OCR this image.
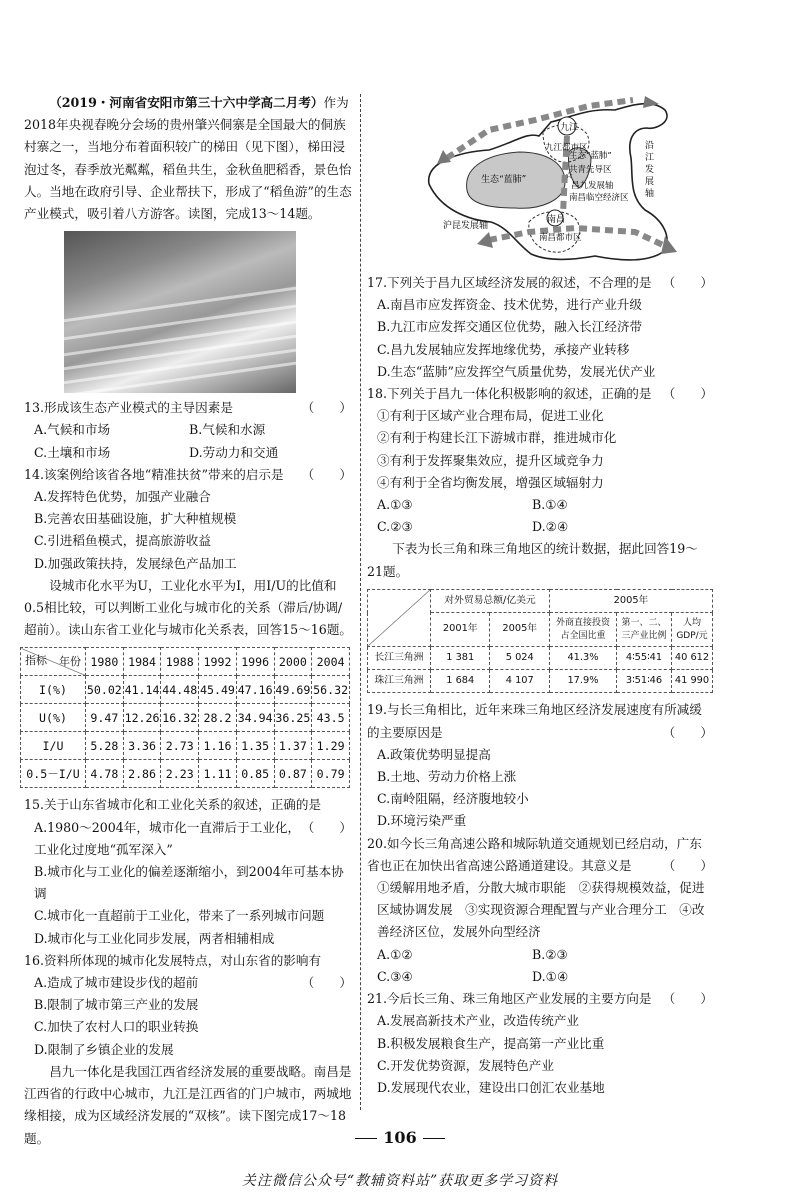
（2019・河南省安阳市第三十六中学高二月考）作为2018年央视春晚分会场的贵州肇兴侗寨是全国最大的侗族村寨之一，当地分布着面积较广的梯田（见下图），梯田浸泡过冬，春季放光粼粼，稻鱼共生，金秋鱼肥稻香，景色怡人。当地在政府引导、企业帮扶下，形成了“稻鱼游”的生态产业模式，吸引着八方游客。读图，完成13～14题。

13.形成该生态产业模式的主导因素是	（　　）

A.气候和市场	B.气候和水源
C.土壤和市场	D.劳动力和交通

14.该案例给该省各地“精准扶贫”带来的启示是 （　　）

A.发挥特色优势，加强产业融合

B.完善农田基础设施，扩大种植规模

C.引进稻鱼模式，提高旅游收益

D.加强政策扶持，发展绿色产品加工

设城市化水平为U，工业化水平为I，用I/U的比值和0.5相比较，可以判断工业化与城市化的关系（滞后/协调/超前）。读山东省工业化与城市化关系表，回答15～16题。

年份
指标	1980	1984	1988	1992	1996	2000	2004
I(%)	50.02	41.14	44.48	45.49	47.16	49.69	56.32
U(%)	9.47	12.26	16.32	28.2	34.94	36.25	43.5
I/U	5.28	3.36	2.73	1.16	1.35	1.37	1.29
0.5－I/U	4.78	2.86	2.23	1.11	0.85	0.87	0.79

15.关于山东省城市化和工业化关系的叙述，正确的是
（　　）

A.1980～2004年，城市化一直滞后于工业化，工业化过度地“孤军深入”

B.城市化与工业化的偏差逐渐缩小，到2004年可基本协调

C.城市化一直超前于工业化，带来了一系列城市问题

D.城市化与工业化同步发展，两者相辅相成

16.资料所体现的城市化发展特点，对山东省的影响有
（　　）

A.造成了城市建设步伐的超前

B.限制了城市第三产业的发展

C.加快了农村人口的职业转换

D.限制了乡镇企业的发展

昌九一体化是我国江西省经济发展的重要战略。南昌是江西省的行政中心城市，九江是江西省的门户城市，两城地缘相接，成为区域经济发展的“双核”。读下图完成17～18题。

九江
九江都市区
生态“蓝肺”
生态“蓝肺”
共青先导区
昌九发展轴
南昌临空经济区
南昌
南昌都市区
沪昆发展轴
沿
江
发
展
轴
☆

17.下列关于昌九区域经济发展的叙述，不合理的是 （　　）

A.南昌市应发挥资金、技术优势，进行产业升级

B.九江市应发挥交通区位优势，融入长江经济带

C.昌九发展轴应发挥地缘优势，承接产业转移

D.生态“蓝肺”应发挥空气质量优势，发展光伏产业

18.下列关于昌九一体化积极影响的叙述，正确的是 （　　）

①有利于区域产业合理布局，促进工业化

②有利于构建长江下游城市群，推进城市化

③有利于发挥聚集效应，提升区域竞争力

④有利于全省均衡发展，增强区域辐射力

A.①③	B.①④
C.②③	D.②④

下表为长三角和珠三角地区的统计数据，据此回答19～21题。

	对外贸易总额/亿美元		2005年		
	2001年	2005年	外商直接投资占全国比重	第一、二、三产业比例	人均GDP/元
长江三角洲	1 381	5 024	41.3%	4∶55∶41	40 612
珠江三角洲	1 684	4 107	17.9%	3∶51∶46	41 990

19.与长三角相比，近年来珠三角地区经济发展速度有所减缓的主要原因是	（　　）

A.政策优势明显提高

B.土地、劳动力价格上涨

C.南岭阻隔，经济腹地较小

D.环境污染严重

20.如今长三角高速公路和城际轨道交通规划已经启动，广东省也正在加快出省高速公路通道建设。其意义是 （　　）

①缓解用地矛盾，分散大城市职能　②获得规模效益，促进区域协调发展　③实现资源合理配置与产业合理分工　④改善经济区位，发展外向型经济

A.①②	B.②③
C.③④	D.①④

21.今后长三角、珠三角地区产业发展的主要方向是 （　　）

A.发展高新技术产业，改造传统产业

B.积极发展粮食生产，提高第一产业比重

C.开发优势资源，发展特色产业

D.发展现代农业，建设出口创汇农业基地

106
关注微信公众号“教辅资料站”获取更多学习资料
